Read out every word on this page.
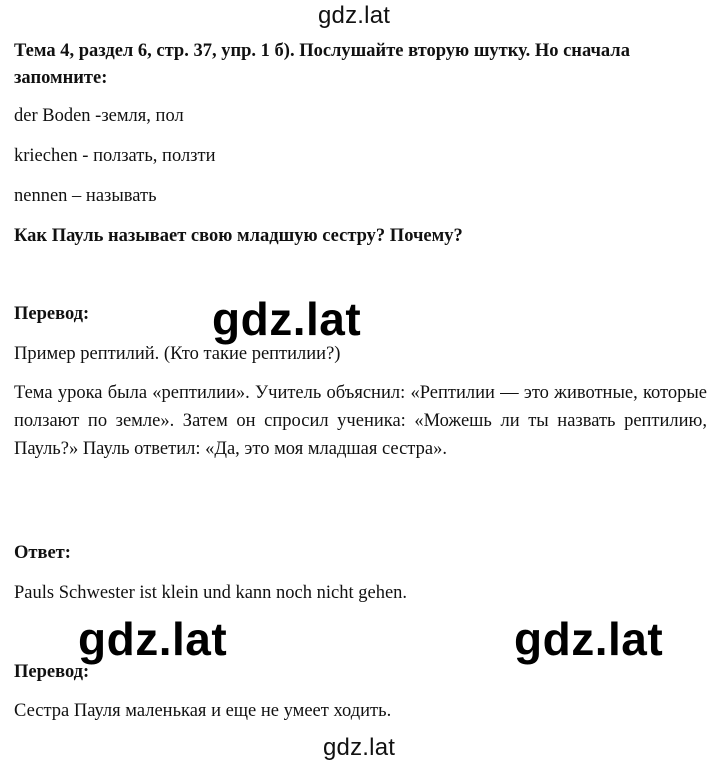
gdz.lat
Тема 4, раздел 6, стр. 37, упр. 1 б). Послушайте вторую шутку. Но сначала
запомните:
der Boden -земля, пол
kriechen - ползать, ползти
nennen – называть
Как Пауль называет свою младшую сестру? Почему?
Перевод:
Пример рептилий. (Кто такие рептилии?)
Тема урока была «рептилии». Учитель объяснил: «Рептилии — это животные, которые ползают по земле». Затем он спросил ученика: «Можешь ли ты назвать рептилию, Пауль?» Пауль ответил: «Да, это моя младшая сестра».
gdz.lat
Ответ:
Pauls Schwester ist klein und kann noch nicht gehen.
Перевод:
Сестра Пауля маленькая и еще не умеет ходить.
gdz.lat	gdz.lat
gdz.lat
